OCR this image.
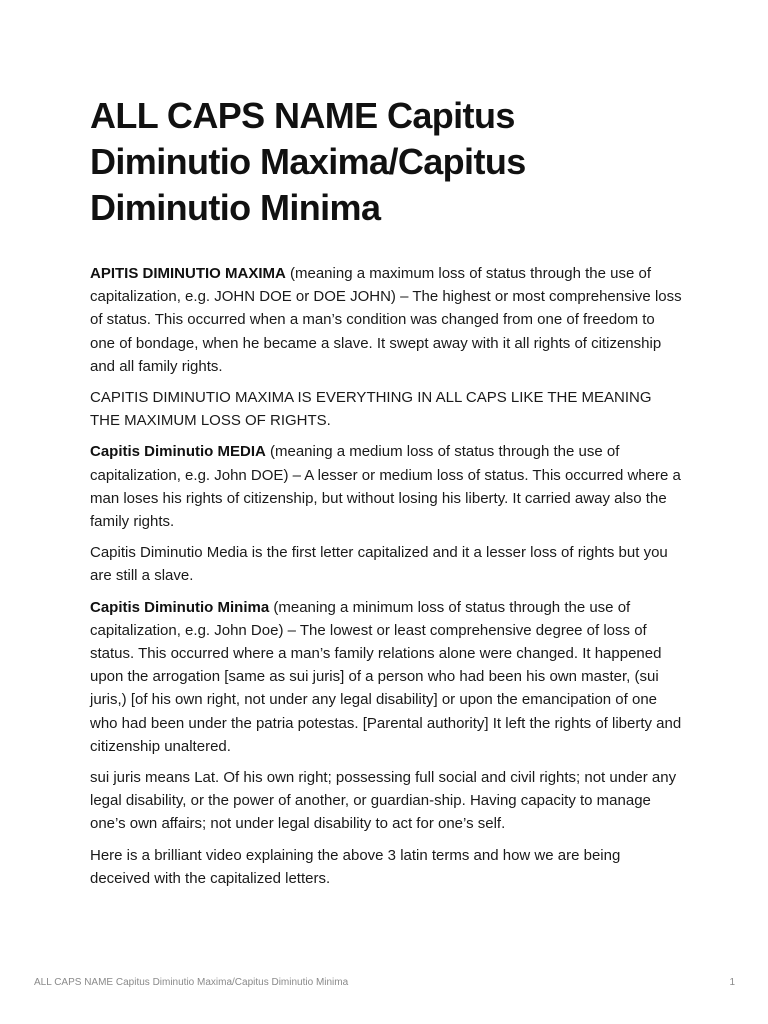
ALL CAPS NAME Capitus Diminutio Maxima/Capitus Diminutio Minima

APITIS DIMINUTIO MAXIMA (meaning a maximum loss of status through the use of capitalization, e.g. JOHN DOE or DOE JOHN) – The highest or most comprehensive loss of status. This occurred when a man’s condition was changed from one of freedom to one of bondage, when he became a slave. It swept away with it all rights of citizenship and all family rights.

CAPITIS DIMINUTIO MAXIMA IS EVERYTHING IN ALL CAPS LIKE THE MEANING THE MAXIMUM LOSS OF RIGHTS.

Capitis Diminutio MEDIA (meaning a medium loss of status through the use of capitalization, e.g. John DOE) – A lesser or medium loss of status. This occurred where a man loses his rights of citizenship, but without losing his liberty. It carried away also the family rights.

Capitis Diminutio Media is the first letter capitalized and it a lesser loss of rights but you are still a slave.

Capitis Diminutio Minima (meaning a minimum loss of status through the use of capitalization, e.g. John Doe) – The lowest or least comprehensive degree of loss of status. This occurred where a man’s family relations alone were changed. It happened upon the arrogation [same as sui juris] of a person who had been his own master, (sui juris,) [of his own right, not under any legal disability] or upon the emancipation of one who had been under the patria potestas. [Parental authority] It left the rights of liberty and citizenship unaltered.

sui juris means Lat. Of his own right; possessing full social and civil rights; not under any legal disability, or the power of another, or guardian-ship. Having capacity to manage one’s own affairs; not under legal disability to act for one’s self.

Here is a brilliant video explaining the above 3 latin terms and how we are being deceived with the capitalized letters.

ALL CAPS NAME Capitus Diminutio Maxima/Capitus Diminutio Minima	1
